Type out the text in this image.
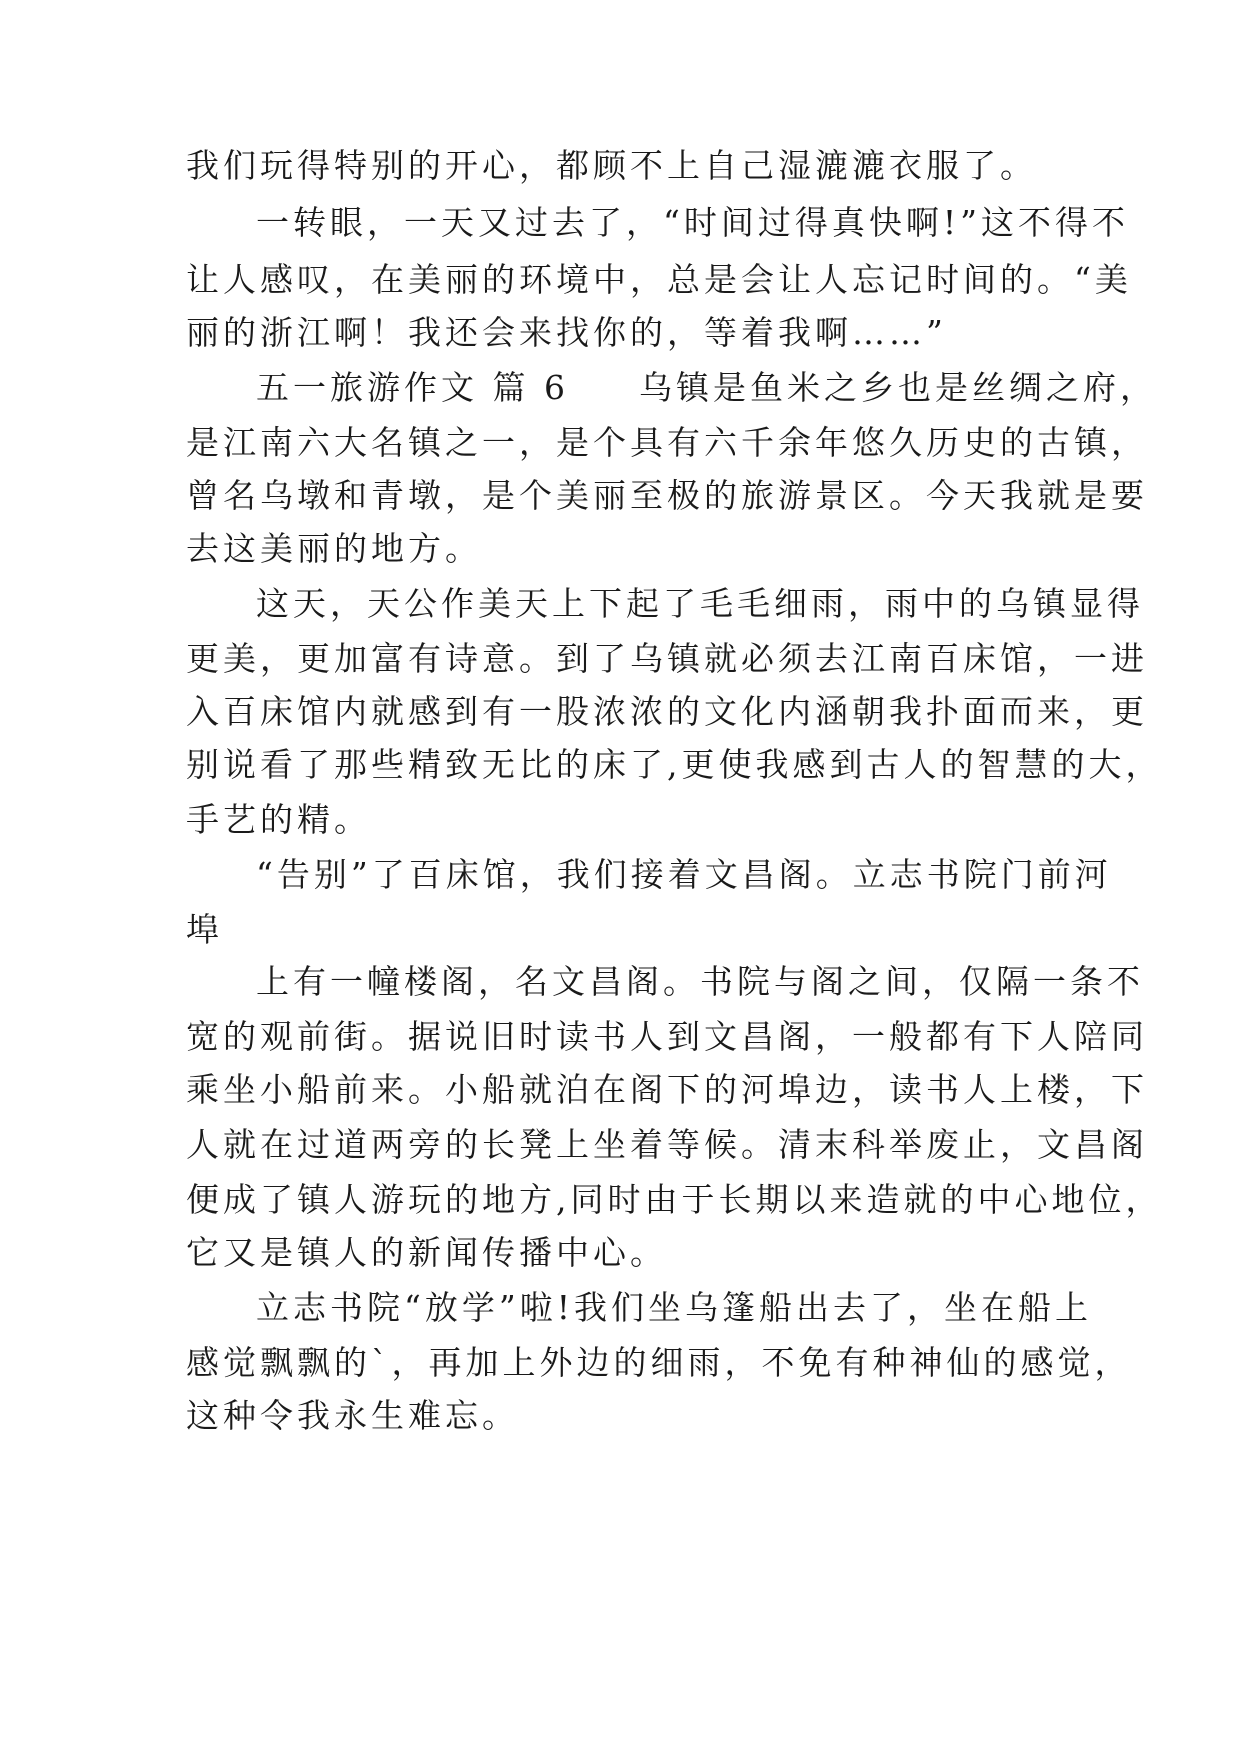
我们玩得特别的开心，都顾不上自己湿漉漉衣服了。
一转眼，一天又过去了，“时间过得真快啊!”这不得不
让人感叹，在美丽的环境中，总是会让人忘记时间的。“美
丽的浙江啊！我还会来找你的，等着我啊……”
五一旅游作文 篇 6 乌镇是鱼米之乡也是丝绸之府，
是江南六大名镇之一，是个具有六千余年悠久历史的古镇，
曾名乌墩和青墩，是个美丽至极的旅游景区。今天我就是要
去这美丽的地方。
这天，天公作美天上下起了毛毛细雨，雨中的乌镇显得
更美，更加富有诗意。到了乌镇就必须去江南百床馆，一进
入百床馆内就感到有一股浓浓的文化内涵朝我扑面而来，更
别说看了那些精致无比的床了,更使我感到古人的智慧的大，
手艺的精。
“告别”了百床馆，我们接着文昌阁。立志书院门前河
埠
上有一幢楼阁，名文昌阁。书院与阁之间，仅隔一条不
宽的观前街。据说旧时读书人到文昌阁，一般都有下人陪同
乘坐小船前来。小船就泊在阁下的河埠边，读书人上楼，下
人就在过道两旁的长凳上坐着等候。清末科举废止，文昌阁
便成了镇人游玩的地方,同时由于长期以来造就的中心地位，
它又是镇人的新闻传播中心。
立志书院“放学”啦!我们坐乌篷船出去了，坐在船上
感觉飘飘的`，再加上外边的细雨，不免有种神仙的感觉，
这种令我永生难忘。
